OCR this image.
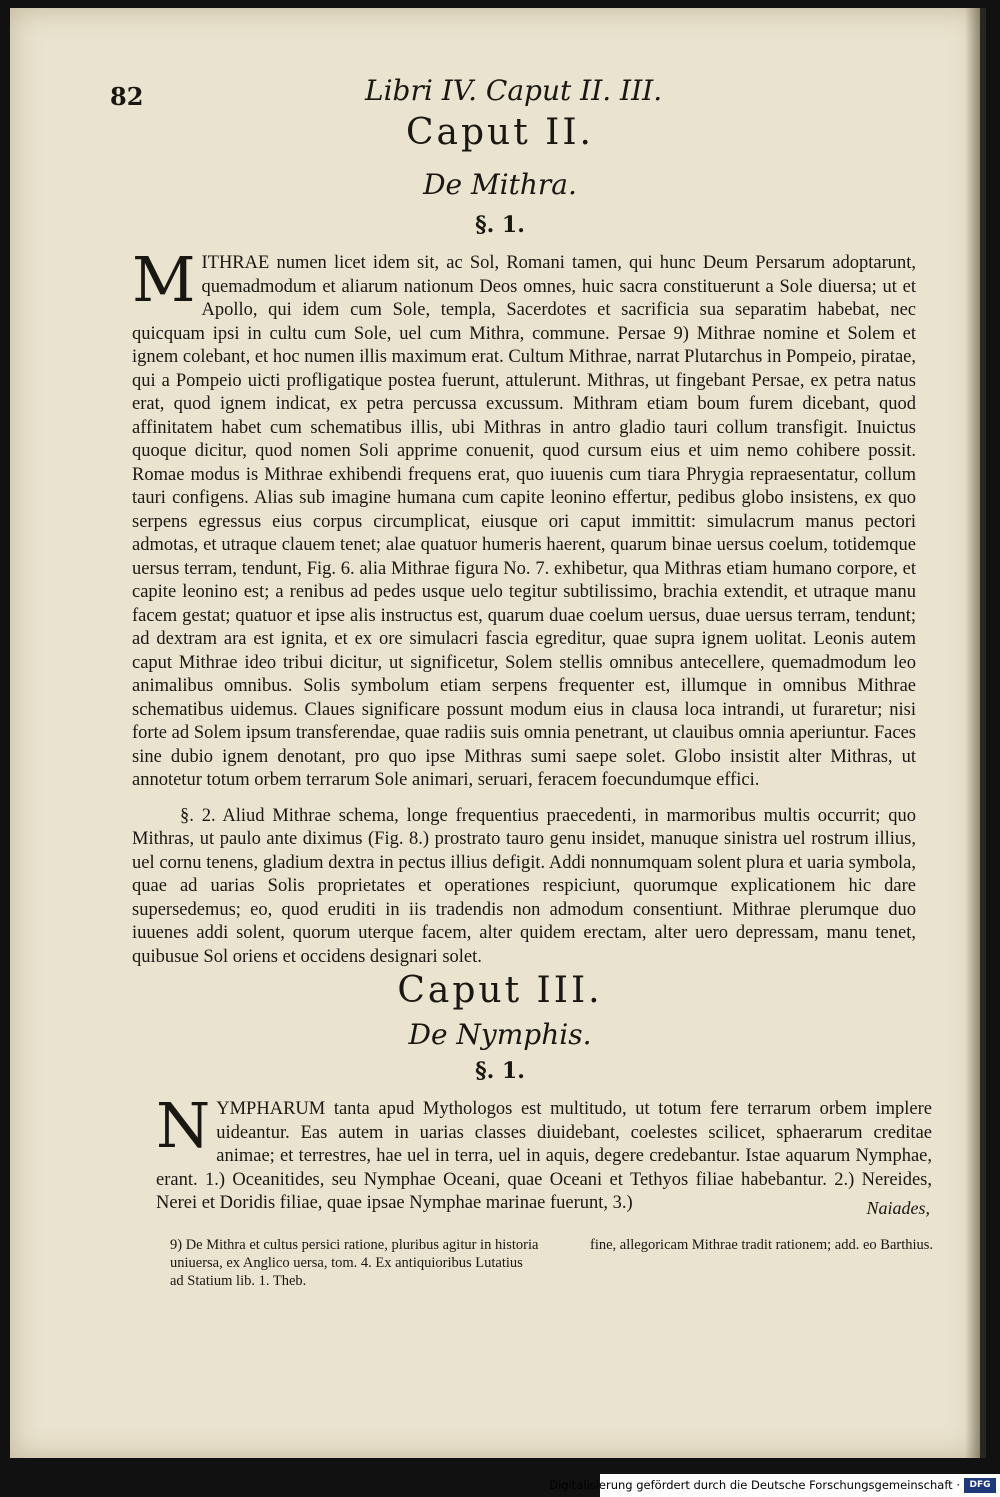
82	Libri IV. Caput II. III.
Caput II.
De Mithra.
§. 1.

MITHRAE numen licet idem sit, ac Sol, Romani tamen, qui hunc Deum Persarum adoptarunt, quemadmodum et aliarum nationum Deos omnes, huic sacra constituerunt a Sole diuersa; ut et Apollo, qui idem cum Sole, templa, Sacerdotes et sacrificia sua separatim habebat, nec quicquam ipsi in cultu cum Sole, uel cum Mithra, commune. Persae 9) Mithrae nomine et Solem et ignem colebant, et hoc numen illis maximum erat. Cultum Mithrae, narrat Plutarchus in Pompeio, piratae, qui a Pompeio uicti profligatique postea fuerunt, attulerunt. Mithras, ut fingebant Persae, ex petra natus erat, quod ignem indicat, ex petra percussa excussum. Mithram etiam boum furem dicebant, quod affinitatem habet cum schematibus illis, ubi Mithras in antro gladio tauri collum transfigit. Inuictus quoque dicitur, quod nomen Soli apprime conuenit, quod cursum eius et uim nemo cohibere possit. Romae modus is Mithrae exhibendi frequens erat, quo iuuenis cum tiara Phrygia repraesentatur, collum tauri configens. Alias sub imagine humana cum capite leonino effertur, pedibus globo insistens, ex quo serpens egressus eius corpus circumplicat, eiusque ori caput immittit: simulacrum manus pectori admotas, et utraque clauem tenet; alae quatuor humeris haerent, quarum binae uersus coelum, totidemque uersus terram, tendunt, Fig. 6. alia Mithrae figura No. 7. exhibetur, qua Mithras etiam humano corpore, et capite leonino est; a renibus ad pedes usque uelo tegitur subtilissimo, brachia extendit, et utraque manu facem gestat; quatuor et ipse alis instructus est, quarum duae coelum uersus, duae uersus terram, tendunt; ad dextram ara est ignita, et ex ore simulacri fascia egreditur, quae supra ignem uolitat. Leonis autem caput Mithrae ideo tribui dicitur, ut significetur, Solem stellis omnibus antecellere, quemadmodum leo animalibus omnibus. Solis symbolum etiam serpens frequenter est, illumque in omnibus Mithrae schematibus uidemus. Claues significare possunt modum eius in clausa loca intrandi, ut furaretur; nisi forte ad Solem ipsum transferendae, quae radiis suis omnia penetrant, ut clauibus omnia aperiuntur. Faces sine dubio ignem denotant, pro quo ipse Mithras sumi saepe solet. Globo insistit alter Mithras, ut annotetur totum orbem terrarum Sole animari, seruari, feracem foecundumque effici.

§. 2. Aliud Mithrae schema, longe frequentius praecedenti, in marmoribus multis occurrit; quo Mithras, ut paulo ante diximus (Fig. 8.) prostrato tauro genu insidet, manuque sinistra uel rostrum illius, uel cornu tenens, gladium dextra in pectus illius defigit. Addi nonnumquam solent plura et uaria symbola, quae ad uarias Solis proprietates et operationes respiciunt, quorumque explicationem hic dare supersedemus; eo, quod eruditi in iis tradendis non admodum consentiunt. Mithrae plerumque duo iuuenes addi solent, quorum uterque facem, alter quidem erectam, alter uero depressam, manu tenet, quibusue Sol oriens et occidens designari solet.

Caput III.
De Nymphis.
§. 1.

NYMPHARUM tanta apud Mythologos est multitudo, ut totum fere terrarum orbem implere uideantur. Eas autem in uarias classes diuidebant, coelestes scilicet, sphaerarum creditae animae; et terrestres, hae uel in terra, uel in aquis, degere credebantur. Istae aquarum Nymphae, erant. 1.) Oceanitides, seu Nymphae Oceani, quae Oceani et Tethyos filiae habebantur. 2.) Nereides, Nerei et Doridis filiae, quae ipsae Nymphae marinae fuerunt, 3.)	Naiades,
9) De Mithra et cultus persici ratione, pluribus agitur in historia uniuersa, ex Anglico uersa, tom. 4. Ex antiquioribus Lutatius ad Statium lib. 1. Theb.
fine, allegoricam Mithrae tradit rationem; add. eo Barthius.
Digitalisierung gefördert durch die Deutsche Forschungsgemeinschaft ·	DFG
